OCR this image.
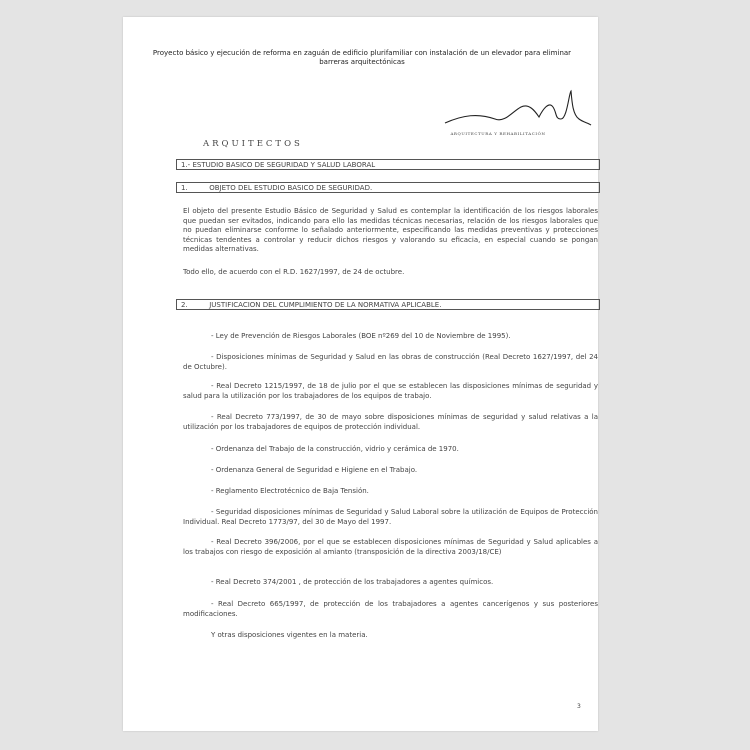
Proyecto básico y ejecución de reforma en zaguán de edificio plurifamiliar con instalación de un elevador para eliminar barreras arquitectónicas
ARQUITECTURA Y REHABILITACIÓN
ARQUITECTOS
1.- ESTUDIO BASICO DE SEGURIDAD Y SALUD LABORAL
1.	OBJETO DEL ESTUDIO BASICO DE SEGURIDAD.
El objeto del presente Estudio Básico de Seguridad y Salud es contemplar la identificación de los riesgos laborales que puedan ser evitados, indicando para ello las medidas técnicas necesarias, relación de los riesgos laborales que no puedan eliminarse conforme lo señalado anteriormente, especificando las medidas preventivas y protecciones técnicas tendentes a controlar y reducir dichos riesgos y valorando su eficacia, en especial cuando se pongan medidas alternativas.
Todo ello, de acuerdo con el R.D. 1627/1997, de 24 de octubre.
2.	JUSTIFICACION DEL CUMPLIMIENTO DE LA NORMATIVA APLICABLE.
- Ley de Prevención de Riesgos Laborales (BOE nº269 del 10 de Noviembre de 1995).
- Disposiciones mínimas de Seguridad y Salud en las obras de construcción (Real Decreto 1627/1997, del 24 de Octubre).
- Real Decreto 1215/1997, de 18 de julio por el que se establecen las disposiciones mínimas de seguridad y salud para la utilización por los trabajadores de los equipos de trabajo.
- Real Decreto 773/1997, de 30 de mayo sobre disposiciones mínimas de seguridad y salud relativas a la utilización por los trabajadores de equipos de protección individual.
- Ordenanza del Trabajo de la construcción, vidrio y cerámica de 1970.
- Ordenanza General de Seguridad e Higiene en el Trabajo.
- Reglamento Electrotécnico de Baja Tensión.
- Seguridad disposiciones mínimas de Seguridad y Salud Laboral sobre la utilización de Equipos de Protección Individual. Real Decreto 1773/97, del 30 de Mayo del 1997.
- Real Decreto 396/2006, por el que se establecen disposiciones mínimas de Seguridad y Salud aplicables a los trabajos con riesgo de exposición al amianto (transposición de la directiva 2003/18/CE)
- Real Decreto 374/2001 , de protección de los trabajadores a agentes químicos.
- Real Decreto 665/1997, de protección de los trabajadores a agentes cancerígenos y sus posteriores modificaciones.
Y otras disposiciones vigentes en la materia.
3
